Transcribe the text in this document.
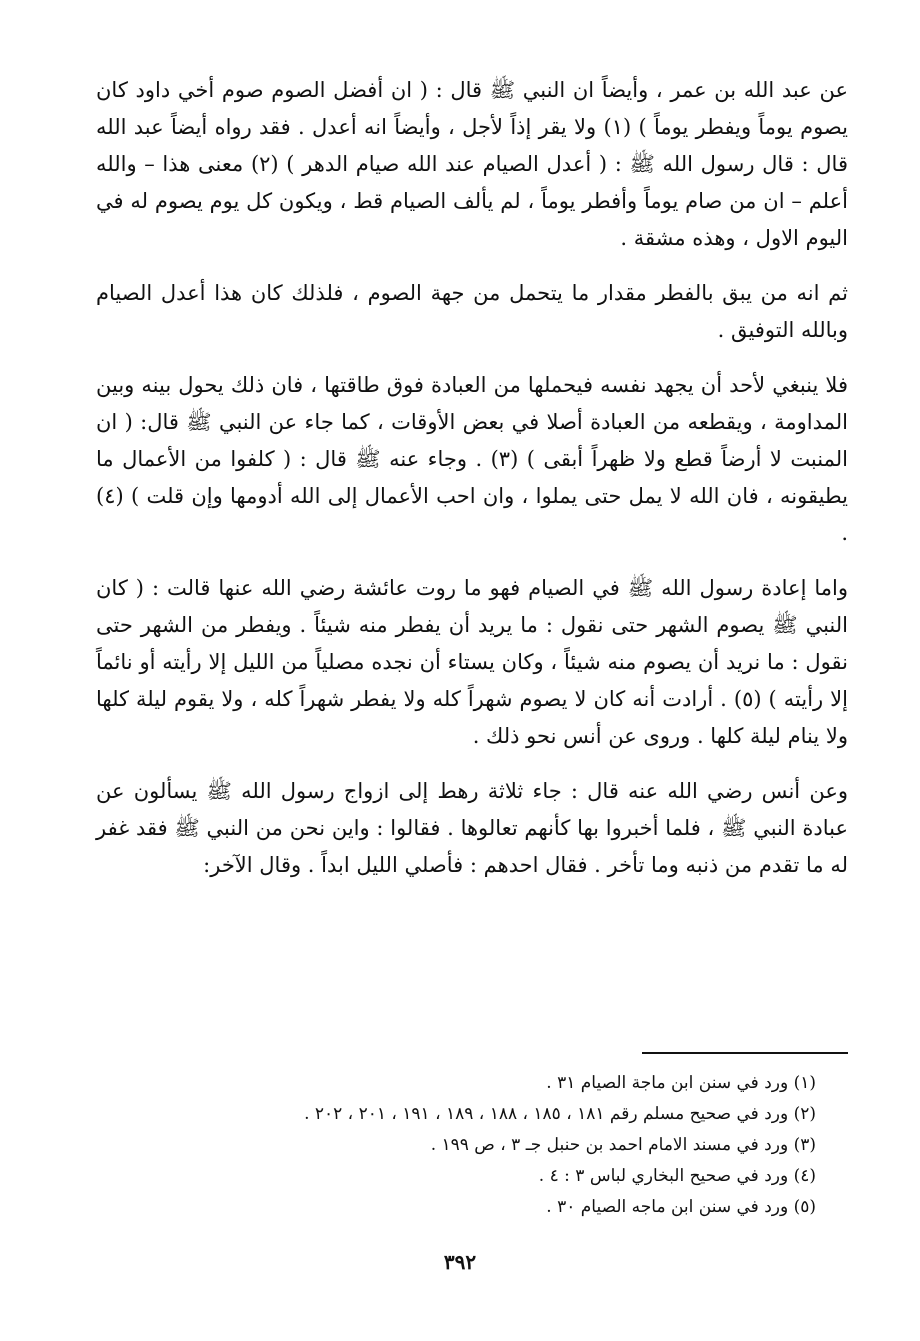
عن عبد الله بن عمر ، وأيضاً ان النبي ﷺ قال : ( ان أفضل الصوم صوم أخي داود كان يصوم يوماً ويفطر يوماً ) (١) ولا يقر إذاً لأجل ، وأيضاً انه أعدل . فقد رواه أيضاً عبد الله قال : قال رسول الله ﷺ : ( أعدل الصيام عند الله صيام الدهر ) (٢) معنى هذا – والله أعلم – ان من صام يوماً وأفطر يوماً ، لم يألف الصيام قط ، ويكون كل يوم يصوم له في اليوم الاول ، وهذه مشقة .

ثم انه من يبق بالفطر مقدار ما يتحمل من جهة الصوم ، فلذلك كان هذا أعدل الصيام وبالله التوفيق .

فلا ينبغي لأحد أن يجهد نفسه فيحملها من العبادة فوق طاقتها ، فان ذلك يحول بينه وبين المداومة ، ويقطعه من العبادة أصلا في بعض الأوقات ، كما جاء عن النبي ﷺ قال: ( ان المنبت لا أرضاً قطع ولا ظهراً أبقى ) (٣) . وجاء عنه ﷺ قال : ( كلفوا من الأعمال ما يطيقونه ، فان الله لا يمل حتى يملوا ، وان احب الأعمال إلى الله أدومها وإن قلت ) (٤) .

واما إعادة رسول الله ﷺ في الصيام فهو ما روت عائشة رضي الله عنها قالت : ( كان النبي ﷺ يصوم الشهر حتى نقول : ما يريد أن يفطر منه شيئاً . ويفطر من الشهر حتى نقول : ما نريد أن يصوم منه شيئاً ، وكان يستاء أن نجده مصلياً من الليل إلا رأيته أو نائماً إلا رأيته ) (٥) . أرادت أنه كان لا يصوم شهراً كله ولا يفطر شهراً كله ، ولا يقوم ليلة كلها ولا ينام ليلة كلها . وروى عن أنس نحو ذلك .

وعن أنس رضي الله عنه قال : جاء ثلاثة رهط إلى ازواج رسول الله ﷺ يسألون عن عبادة النبي ﷺ ، فلما أخبروا بها كأنهم تعالوها . فقالوا : واين نحن من النبي ﷺ فقد غفر له ما تقدم من ذنبه وما تأخر . فقال احدهم : فأصلي الليل ابداً . وقال الآخر:

(١) ورد في سنن ابن ماجة الصيام ٣١ .
(٢) ورد في صحيح مسلم رقم ١٨١ ، ١٨٥ ، ١٨٨ ، ١٨٩ ، ١٩١ ، ٢٠١ ، ٢٠٢ .
(٣) ورد في مسند الامام احمد بن حنبل جـ ٣ ، ص ١٩٩ .
(٤) ورد في صحيح البخاري لباس ٣ : ٤ .
(٥) ورد في سنن ابن ماجه الصيام ٣٠ .
٣٩٢
